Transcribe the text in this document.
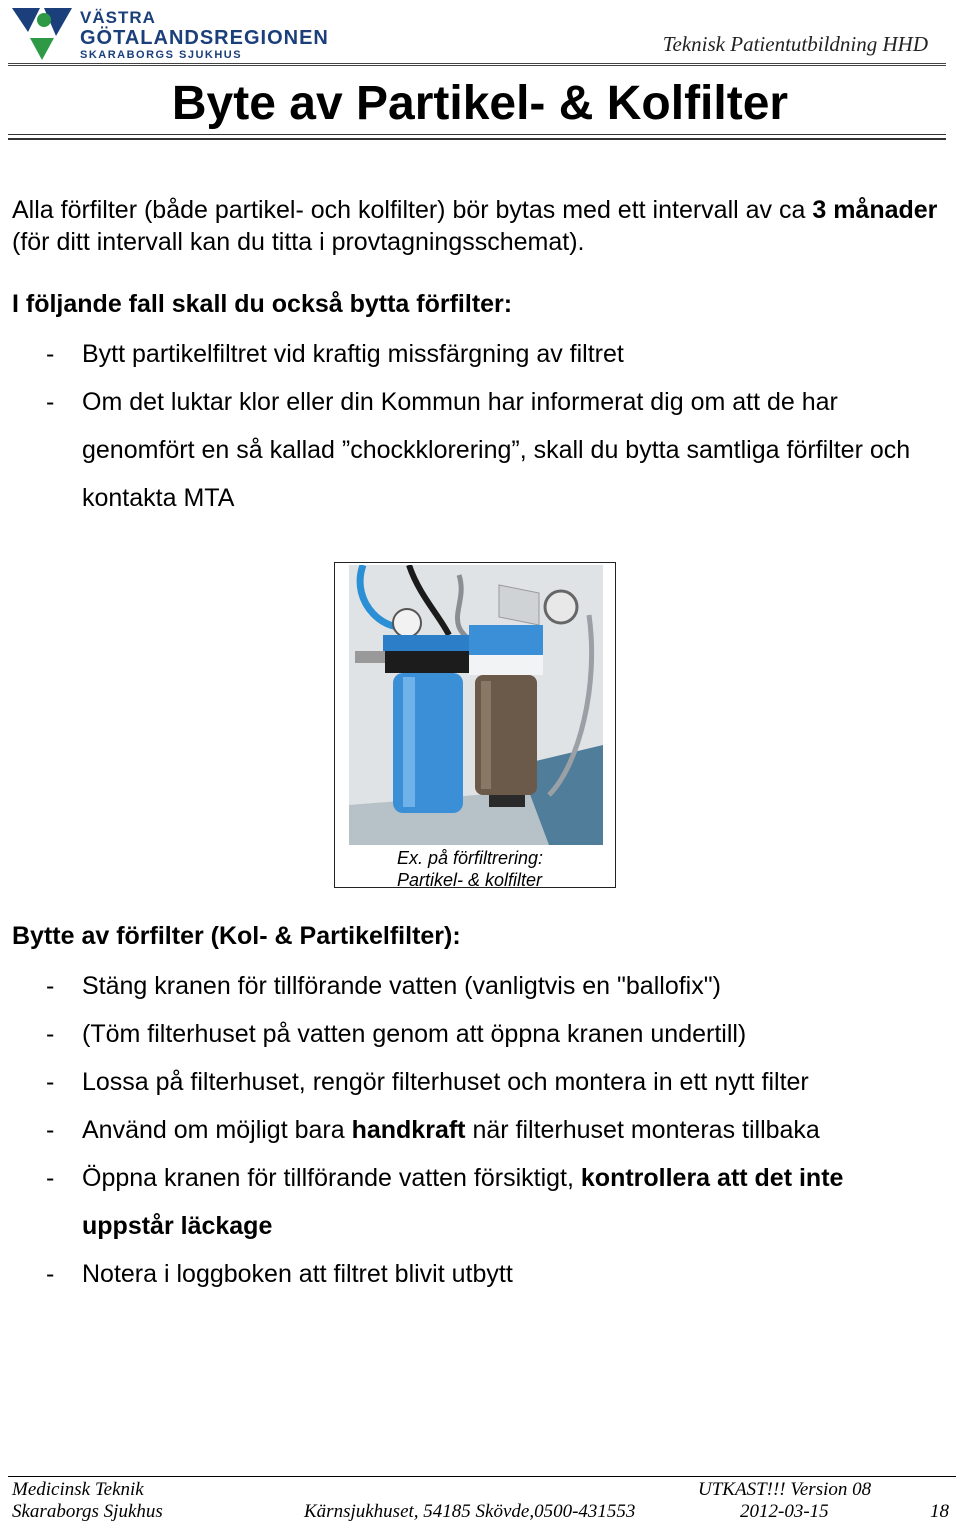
VÄSTRA
GÖTALANDSREGIONEN
SKARABORGS SJUKHUS	Teknisk Patientutbildning HHD
Byte av Partikel- & Kolfilter

Alla förfilter (både partikel- och kolfilter) bör bytas med ett intervall av ca 3 månader (för ditt intervall kan du titta i provtagningsschemat).

I följande fall skall du också bytta förfilter:

- Bytt partikelfiltret vid kraftig missfärgning av filtret
- Om det luktar klor eller din Kommun har informerat dig om att de har genomfört en så kallad ”chockklorering”, skall du bytta samtliga förfilter och kontakta MTA
Ex. på förfiltrering:
Partikel- & kolfilter

Bytte av förfilter (Kol- & Partikelfilter):

- Stäng kranen för tillförande vatten (vanligtvis en "ballofix")
- (Töm filterhuset på vatten genom att öppna kranen undertill)
- Lossa på filterhuset, rengör filterhuset och montera in ett nytt filter
- Använd om möjligt bara handkraft när filterhuset monteras tillbaka
- Öppna kranen för tillförande vatten försiktigt, kontrollera att det inte uppstår läckage
- Notera i loggboken att filtret blivit utbytt
Medicinsk Teknik
Skaraborgs Sjukhus	Kärnsjukhuset, 54185 Skövde,0500-431553
UTKAST!!! Version 08
2012-03-15	18
